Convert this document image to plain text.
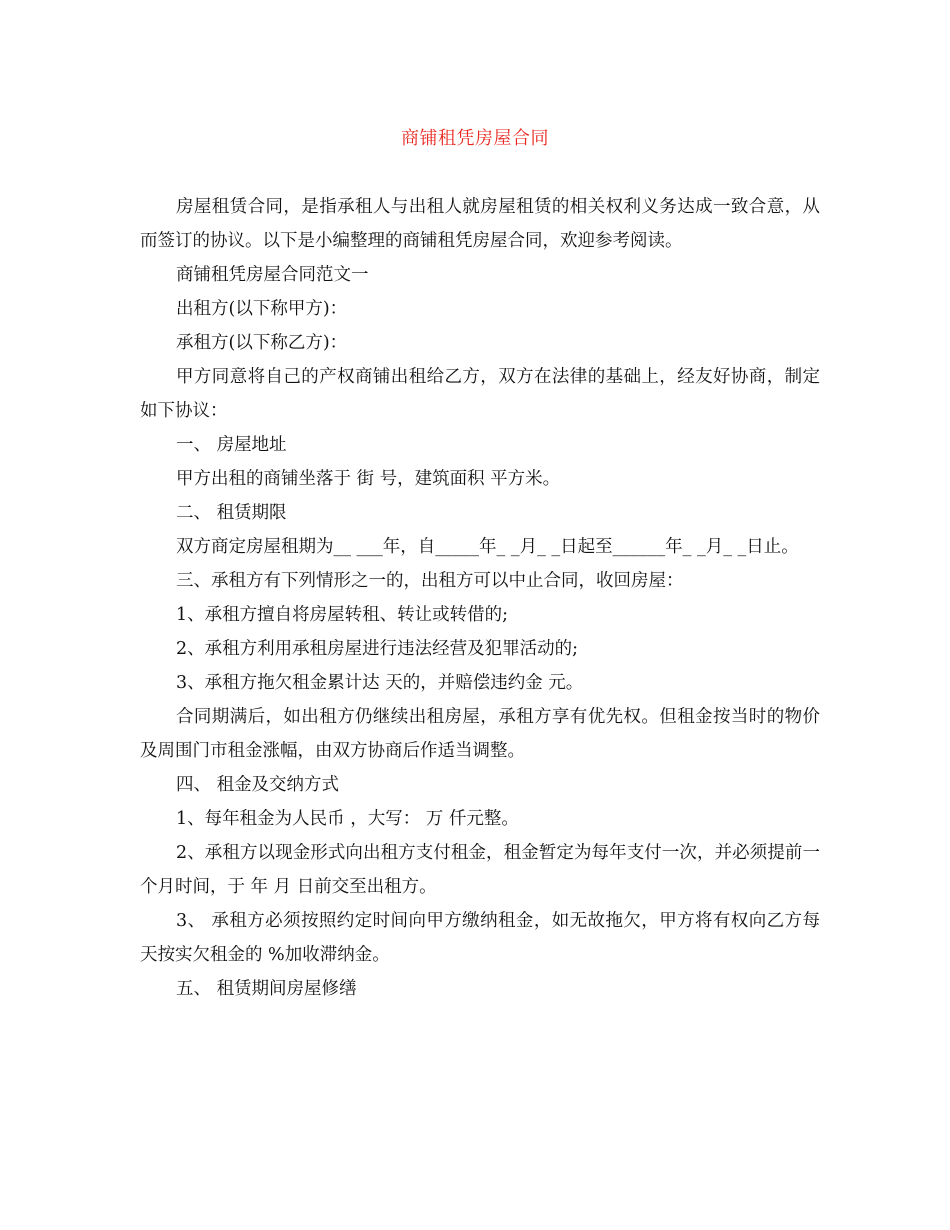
商铺租凭房屋合同

房屋租赁合同，是指承租人与出租人就房屋租赁的相关权利义务达成一致合意，从而签订的协议。以下是小编整理的商铺租凭房屋合同，欢迎参考阅读。

商铺租凭房屋合同范文一

出租方(以下称甲方)：

承租方(以下称乙方)：

甲方同意将自己的产权商铺出租给乙方，双方在法律的基础上，经友好协商，制定如下协议：

一、 房屋地址

甲方出租的商铺坐落于 街 号，建筑面积 平方米。

二、 租赁期限

双方商定房屋租期为__ ___年，自_____年_ _月_ _日起至______年_ _月_ _日止。

三、承租方有下列情形之一的，出租方可以中止合同，收回房屋：

1、承租方擅自将房屋转租、转让或转借的;

2、承租方利用承租房屋进行违法经营及犯罪活动的;

3、承租方拖欠租金累计达 天的，并赔偿违约金 元。

合同期满后，如出租方仍继续出租房屋，承租方享有优先权。但租金按当时的物价及周围门市租金涨幅，由双方协商后作适当调整。

四、 租金及交纳方式

1、每年租金为人民币 ，大写： 万 仟元整。

2、承租方以现金形式向出租方支付租金，租金暂定为每年支付一次，并必须提前一个月时间，于 年 月 日前交至出租方。

3、 承租方必须按照约定时间向甲方缴纳租金，如无故拖欠，甲方将有权向乙方每天按实欠租金的 %加收滞纳金。

五、 租赁期间房屋修缮
